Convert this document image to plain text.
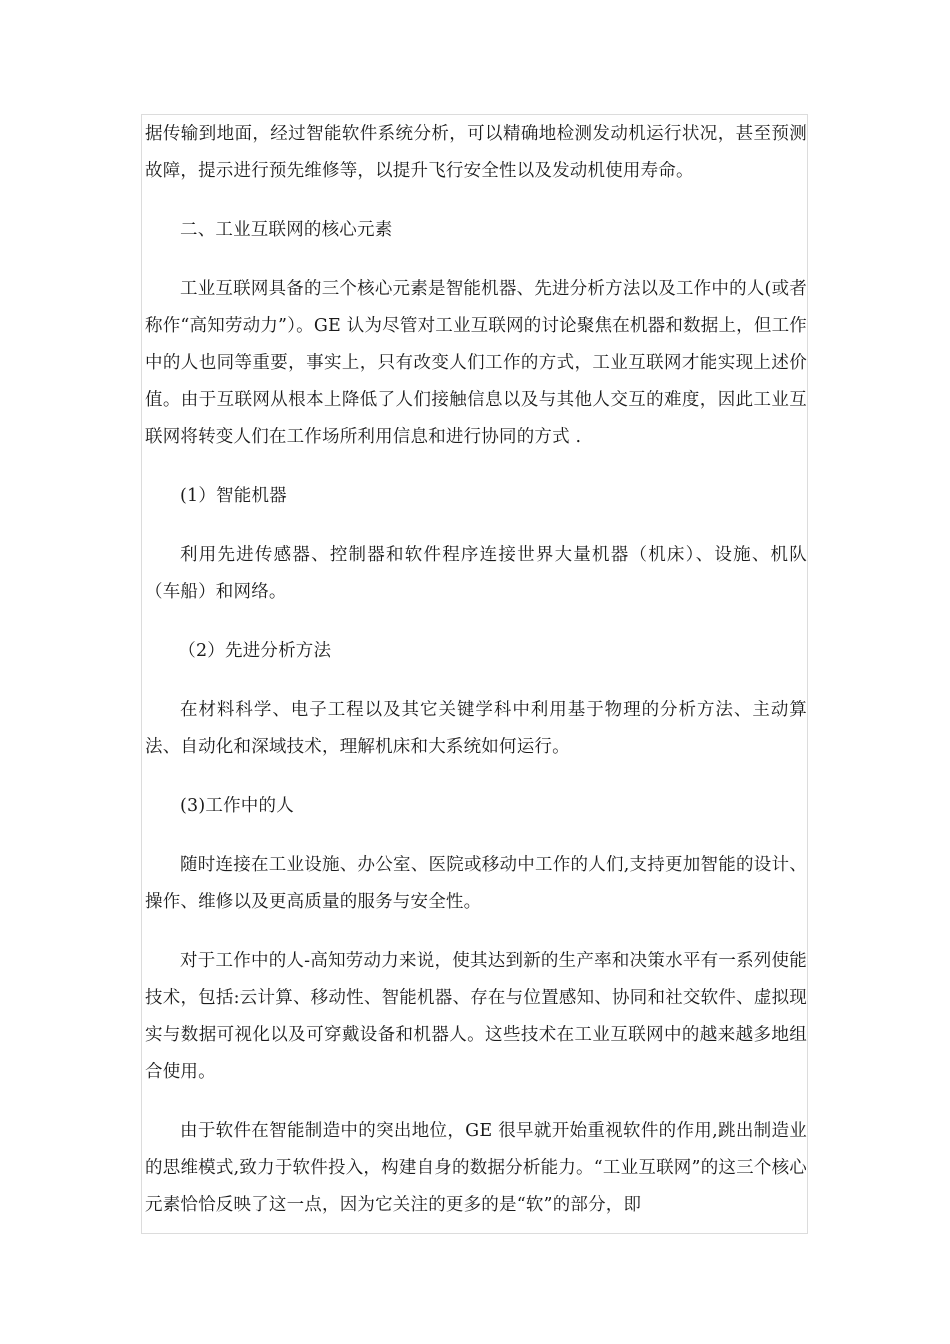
据传输到地面，经过智能软件系统分析，可以精确地检测发动机运行状况，甚至预测故障，提示进行预先维修等，以提升飞行安全性以及发动机使用寿命。

二、工业互联网的核心元素

工业互联网具备的三个核心元素是智能机器、先进分析方法以及工作中的人(或者称作“高知劳动力”）。GE 认为尽管对工业互联网的讨论聚焦在机器和数据上，但工作中的人也同等重要，事实上，只有改变人们工作的方式，工业互联网才能实现上述价值。由于互联网从根本上降低了人们接触信息以及与其他人交互的难度，因此工业互联网将转变人们在工作场所利用信息和进行协同的方式 .

(1）智能机器

利用先进传感器、控制器和软件程序连接世界大量机器（机床）、设施、机队（车船）和网络。

（2）先进分析方法

在材料科学、电子工程以及其它关键学科中利用基于物理的分析方法、主动算法、自动化和深域技术，理解机床和大系统如何运行。

(3)工作中的人

随时连接在工业设施、办公室、医院或移动中工作的人们,支持更加智能的设计、操作、维修以及更高质量的服务与安全性。

对于工作中的人-高知劳动力来说，使其达到新的生产率和决策水平有一系列使能技术，包括:云计算、移动性、智能机器、存在与位置感知、协同和社交软件、虚拟现实与数据可视化以及可穿戴设备和机器人。这些技术在工业互联网中的越来越多地组合使用。

由于软件在智能制造中的突出地位，GE 很早就开始重视软件的作用,跳出制造业的思维模式,致力于软件投入，构建自身的数据分析能力。“工业互联网”的这三个核心元素恰恰反映了这一点，因为它关注的更多的是“软”的部分，即
